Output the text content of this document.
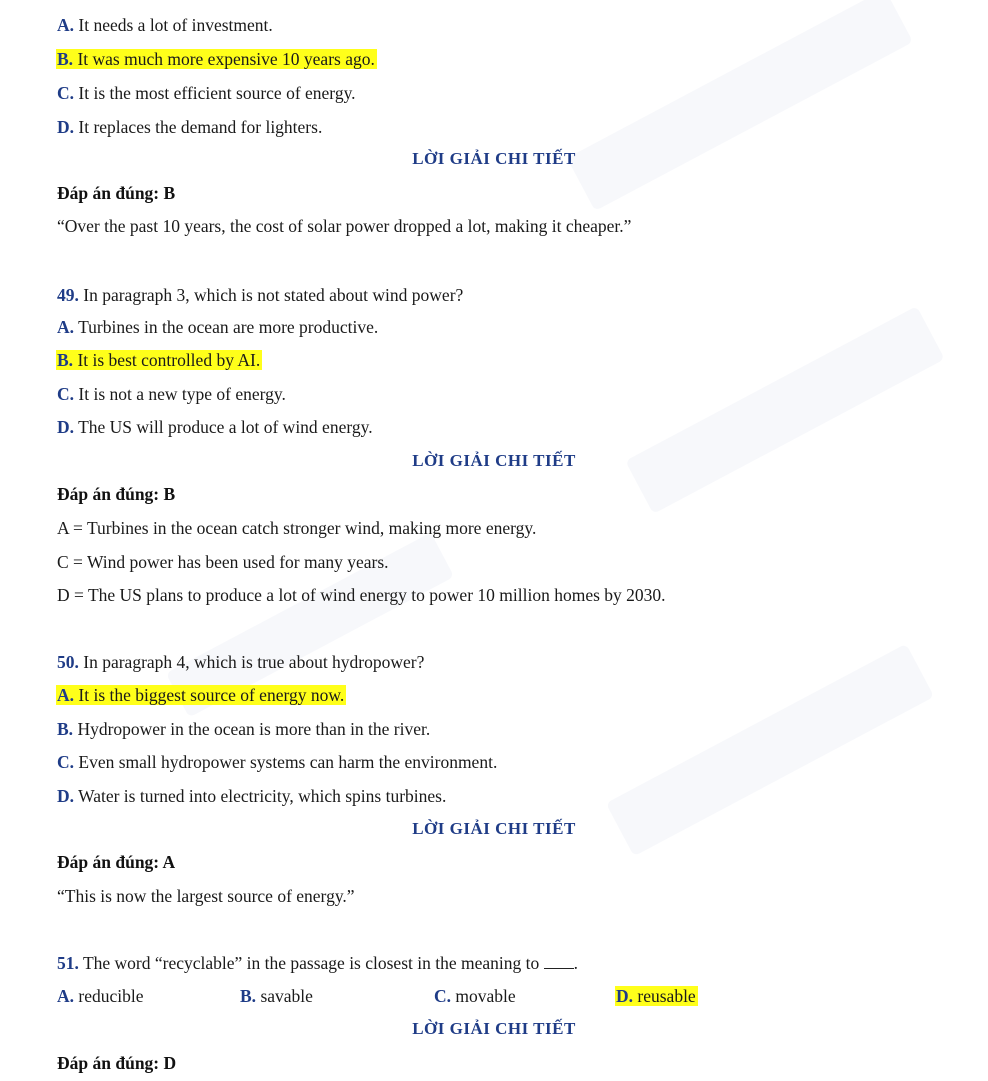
A. It needs a lot of investment.
B. It was much more expensive 10 years ago.
C. It is the most efficient source of energy.
D. It replaces the demand for lighters.
LỜI GIẢI CHI TIẾT
Đáp án đúng: B
“Over the past 10 years, the cost of solar power dropped a lot, making it cheaper.”
49. In paragraph 3, which is not stated about wind power?
A. Turbines in the ocean are more productive.
B. It is best controlled by AI.
C. It is not a new type of energy.
D. The US will produce a lot of wind energy.
LỜI GIẢI CHI TIẾT
Đáp án đúng: B
A = Turbines in the ocean catch stronger wind, making more energy.
C = Wind power has been used for many years.
D = The US plans to produce a lot of wind energy to power 10 million homes by 2030.
50. In paragraph 4, which is true about hydropower?
A. It is the biggest source of energy now.
B. Hydropower in the ocean is more than in the river.
C. Even small hydropower systems can harm the environment.
D. Water is turned into electricity, which spins turbines.
LỜI GIẢI CHI TIẾT
Đáp án đúng: A
“This is now the largest source of energy.”
51. The word “recyclable” in the passage is closest in the meaning to .
A. reducible	B. savable	C. movable	D. reusable
LỜI GIẢI CHI TIẾT
Đáp án đúng: D
